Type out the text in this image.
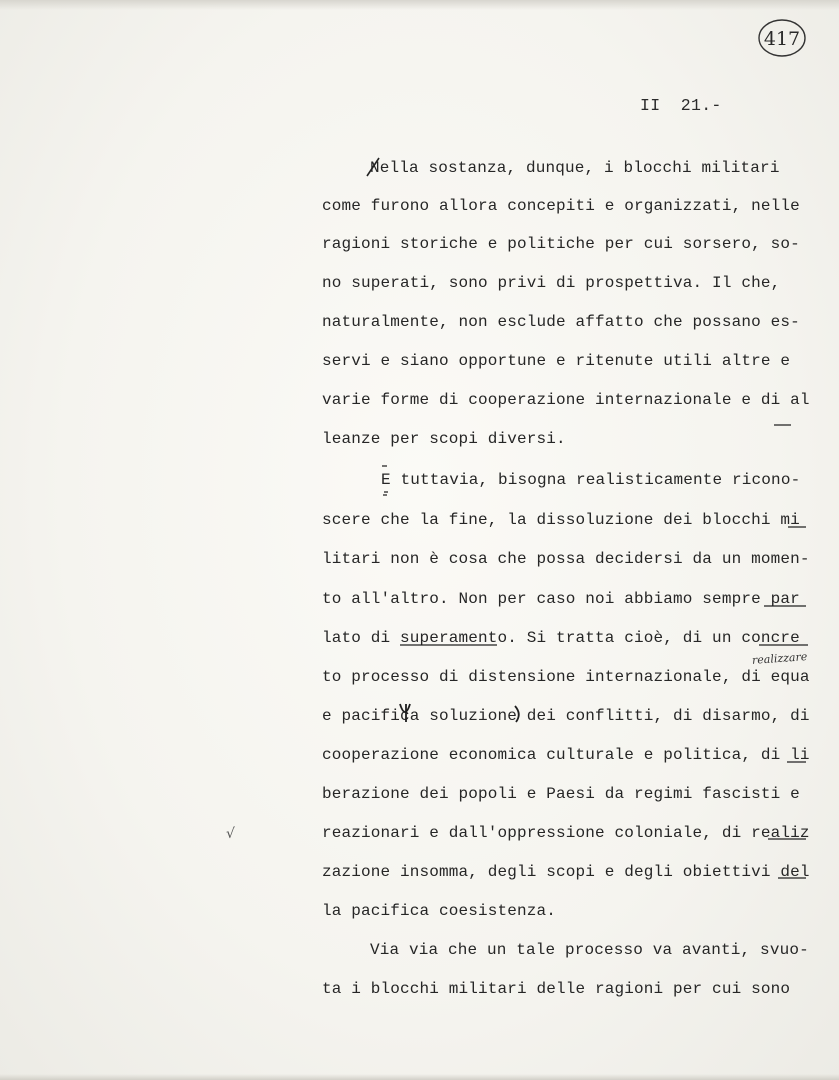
417
II  21.-
Nella sostanza, dunque, i blocchi militari
come furono allora concepiti e organizzati, nelle
ragioni storiche e politiche per cui sorsero, so-
no superati, sono privi di prospettiva. Il che,
naturalmente, non esclude affatto che possano es-
servi e siano opportune e ritenute utili altre e
varie forme di cooperazione internazionale e di al
leanze per scopi diversi.
E tuttavia, bisogna realisticamente ricono-
scere che la fine, la dissoluzione dei blocchi mi
litari non è cosa che possa decidersi da un momen-
to all'altro. Non per caso noi abbiamo sempre par
lato di superamento. Si tratta cioè, di un concre
to processo di distensione internazionale, di equa
e pacifica soluzione dei conflitti, di disarmo, di
cooperazione economica culturale e politica, di li
berazione dei popoli e Paesi da regimi fascisti e
reazionari e dall'oppressione coloniale, di realiz
zazione insomma, degli scopi e degli obiettivi del
la pacifica coesistenza.
Via via che un tale processo va avanti, svuo-
ta i blocchi militari delle ragioni per cui sono
realizzare
√
